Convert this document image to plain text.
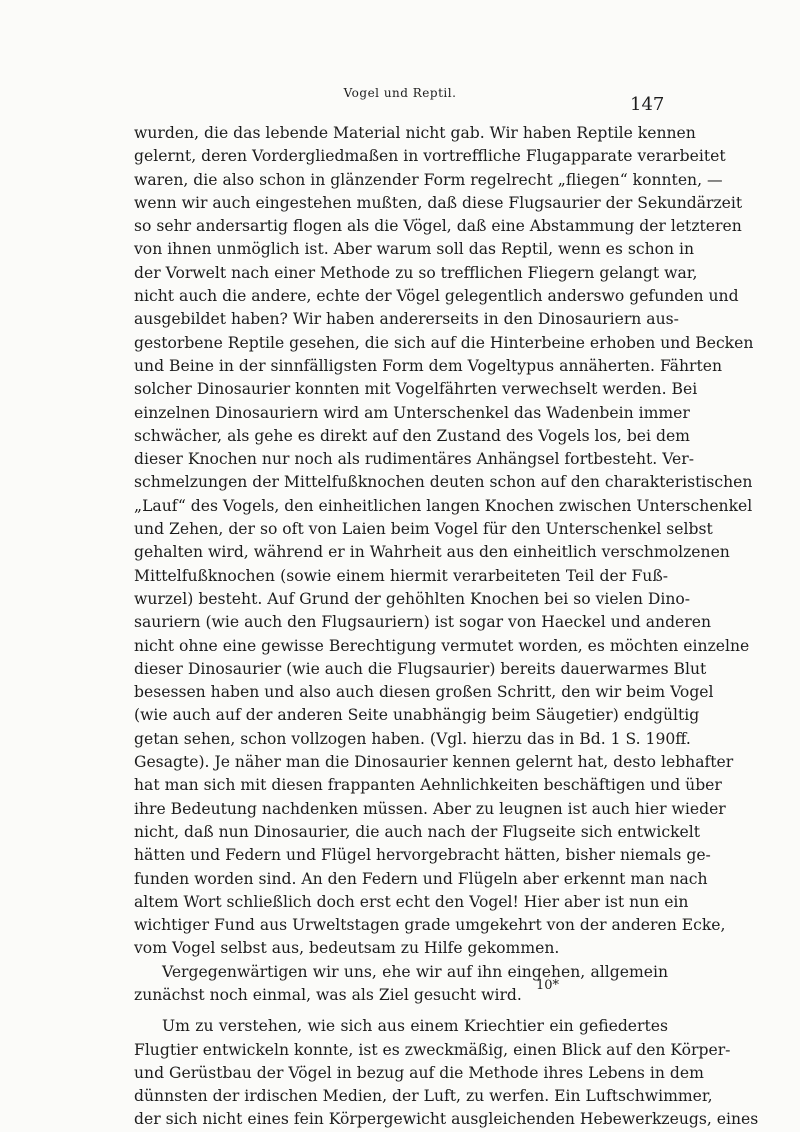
Vogel und Reptil.
147
wurden, die das lebende Material nicht gab. Wir haben Reptile kennen
gelernt, deren Vordergliedmaßen in vortreffliche Flugapparate verarbeitet
waren, die also schon in glänzender Form regelrecht „fliegen“ konnten, —
wenn wir auch eingestehen mußten, daß diese Flugsaurier der Sekundärzeit
so sehr andersartig flogen als die Vögel, daß eine Abstammung der letzteren
von ihnen unmöglich ist. Aber warum soll das Reptil, wenn es schon in
der Vorwelt nach einer Methode zu so trefflichen Fliegern gelangt war,
nicht auch die andere, echte der Vögel gelegentlich anderswo gefunden und
ausgebildet haben? Wir haben andererseits in den Dinosauriern aus-
gestorbene Reptile gesehen, die sich auf die Hinterbeine erhoben und Becken
und Beine in der sinnfälligsten Form dem Vogeltypus annäherten. Fährten
solcher Dinosaurier konnten mit Vogelfährten verwechselt werden. Bei
einzelnen Dinosauriern wird am Unterschenkel das Wadenbein immer
schwächer, als gehe es direkt auf den Zustand des Vogels los, bei dem
dieser Knochen nur noch als rudimentäres Anhängsel fortbesteht. Ver-
schmelzungen der Mittelfußknochen deuten schon auf den charakteristischen
„Lauf“ des Vogels, den einheitlichen langen Knochen zwischen Unterschenkel
und Zehen, der so oft von Laien beim Vogel für den Unterschenkel selbst
gehalten wird, während er in Wahrheit aus den einheitlich verschmolzenen
Mittelfußknochen (sowie einem hiermit verarbeiteten Teil der Fuß-
wurzel) besteht. Auf Grund der gehöhlten Knochen bei so vielen Dino-
sauriern (wie auch den Flugsauriern) ist sogar von Haeckel und anderen
nicht ohne eine gewisse Berechtigung vermutet worden, es möchten einzelne
dieser Dinosaurier (wie auch die Flugsaurier) bereits dauerwarmes Blut
besessen haben und also auch diesen großen Schritt, den wir beim Vogel
(wie auch auf der anderen Seite unabhängig beim Säugetier) endgültig
getan sehen, schon vollzogen haben. (Vgl. hierzu das in Bd. 1 S. 190ff.
Gesagte). Je näher man die Dinosaurier kennen gelernt hat, desto lebhafter
hat man sich mit diesen frappanten Aehnlichkeiten beschäftigen und über
ihre Bedeutung nachdenken müssen. Aber zu leugnen ist auch hier wieder
nicht, daß nun Dinosaurier, die auch nach der Flugseite sich entwickelt
hätten und Federn und Flügel hervorgebracht hätten, bisher niemals ge-
funden worden sind. An den Federn und Flügeln aber erkennt man nach
altem Wort schließlich doch erst echt den Vogel! Hier aber ist nun ein
wichtiger Fund aus Urweltstagen grade umgekehrt von der anderen Ecke,
vom Vogel selbst aus, bedeutsam zu Hilfe gekommen.
Vergegenwärtigen wir uns, ehe wir auf ihn eingehen, allgemein
zunächst noch einmal, was als Ziel gesucht wird.
Um zu verstehen, wie sich aus einem Kriechtier ein gefiedertes
Flugtier entwickeln konnte, ist es zweckmäßig, einen Blick auf den Körper-
und Gerüstbau der Vögel in bezug auf die Methode ihres Lebens in dem
dünnsten der irdischen Medien, der Luft, zu werfen. Ein Luftschwimmer,
der sich nicht eines fein Körpergewicht ausgleichenden Hebewerkzeugs, eines
10*
